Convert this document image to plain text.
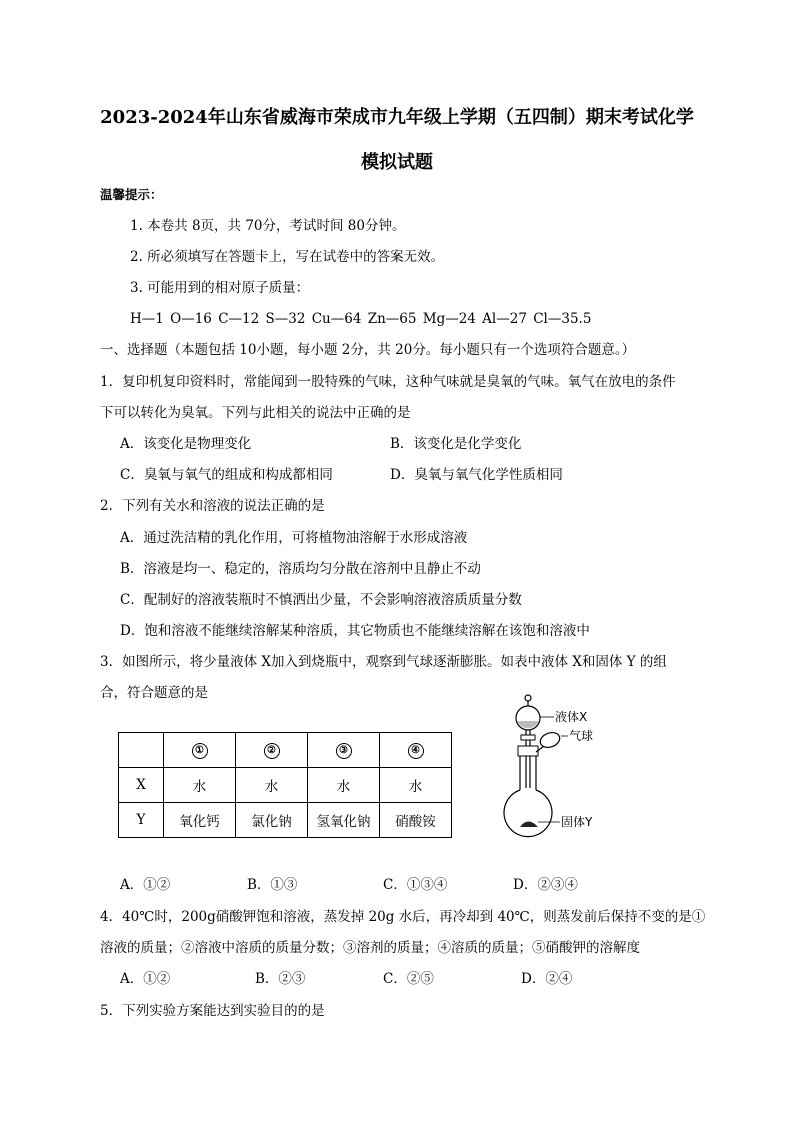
2023-2024年山东省威海市荣成市九年级上学期（五四制）期末考试化学
模拟试题
温馨提示：
1. 本卷共 8页，共 70分，考试时间 80分钟。
2. 所必须填写在答题卡上，写在试卷中的答案无效。
3. 可能用到的相对原子质量：
H—1 O—16 C—12 S—32 Cu—64 Zn—65 Mg—24 Al—27 Cl—35.5
一、选择题（本题包括 10小题，每小题 2分，共 20分。每小题只有一个选项符合题意。）
1．复印机复印资料时，常能闻到一股特殊的气味，这种气味就是臭氧的气味。氧气在放电的条件
下可以转化为臭氧。下列与此相关的说法中正确的是
A．该变化是物理变化	B．该变化是化学变化
C．臭氧与氧气的组成和构成都相同	D．臭氧与氧气化学性质相同
2．下列有关水和溶液的说法正确的是
A．通过洗洁精的乳化作用，可将植物油溶解于水形成溶液
B．溶液是均一、稳定的，溶质均匀分散在溶剂中且静止不动
C．配制好的溶液装瓶时不慎洒出少量，不会影响溶液溶质质量分数
D．饱和溶液不能继续溶解某种溶质，其它物质也不能继续溶解在该饱和溶液中
3．如图所示，将少量液体 X加入到烧瓶中，观察到气球逐渐膨胀。如表中液体 X和固体 Y 的组
合，符合题意的是
	①	②	③	④
X	水	水	水	水
Y	氧化钙	氯化钠	氢氧化钠	硝酸铵
液体X
气球
固体Y
A．①②	B．①③	C．①③④	D．②③④
4．40℃时，200g硝酸钾饱和溶液，蒸发掉 20g 水后，再冷却到 40℃，则蒸发前后保持不变的是①
溶液的质量；②溶液中溶质的质量分数；③溶剂的质量；④溶质的质量；⑤硝酸钾的溶解度
A．①②	B．②③	C．②⑤	D．②④
5．下列实验方案能达到实验目的的是
